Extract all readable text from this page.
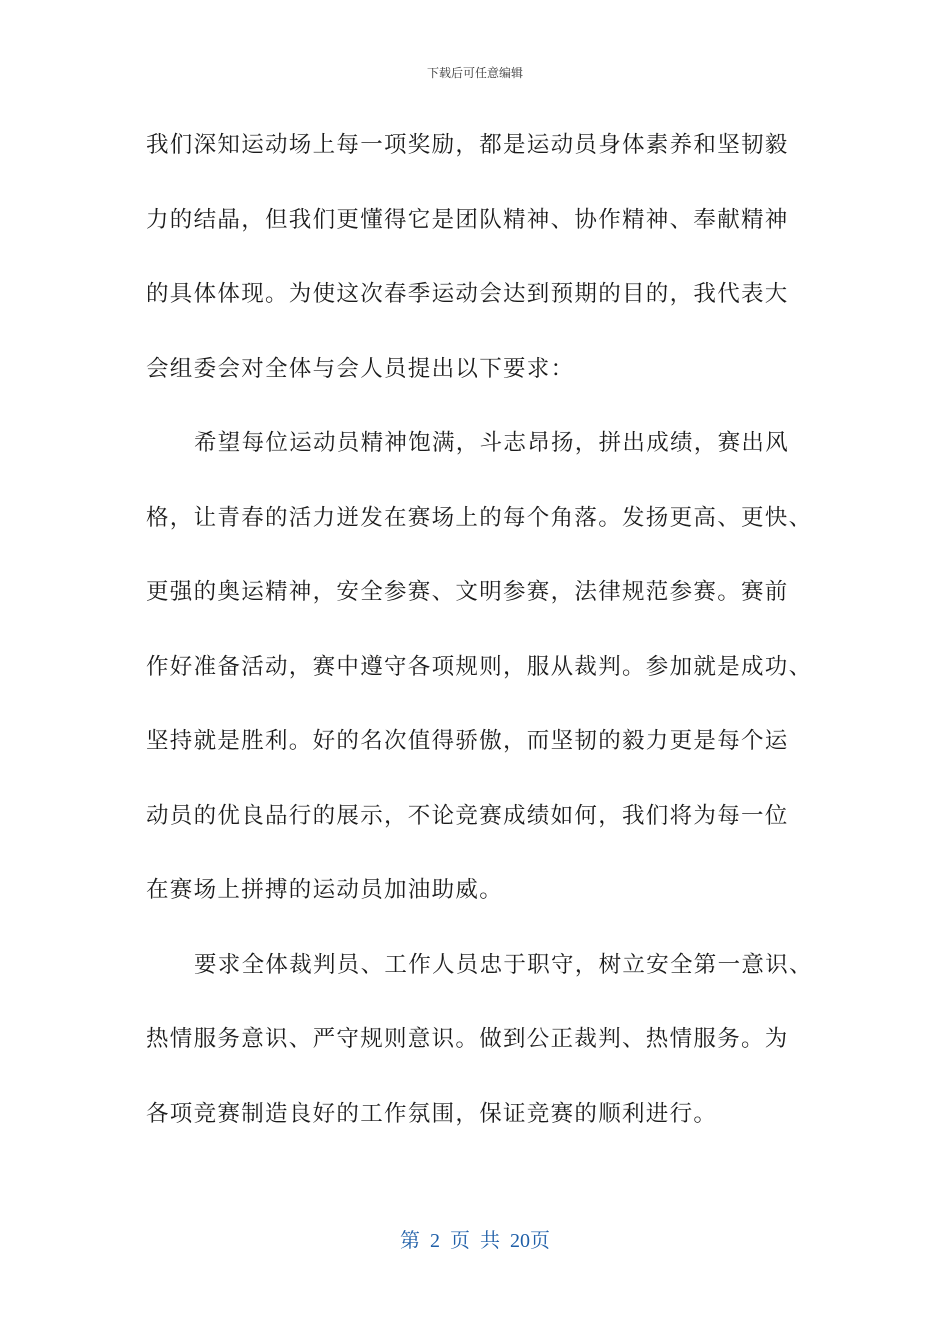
下载后可任意编辑
我们深知运动场上每一项奖励，都是运动员身体素养和坚韧毅
力的结晶，但我们更懂得它是团队精神、协作精神、奉献精神
的具体体现。为使这次春季运动会达到预期的目的，我代表大
会组委会对全体与会人员提出以下要求：
希望每位运动员精神饱满，斗志昂扬，拼出成绩，赛出风
格，让青春的活力迸发在赛场上的每个角落。发扬更高、更快、
更强的奥运精神，安全参赛、文明参赛，法律规范参赛。赛前
作好准备活动，赛中遵守各项规则，服从裁判。参加就是成功、
坚持就是胜利。好的名次值得骄傲，而坚韧的毅力更是每个运
动员的优良品行的展示，不论竞赛成绩如何，我们将为每一位
在赛场上拼搏的运动员加油助威。
要求全体裁判员、工作人员忠于职守，树立安全第一意识、
热情服务意识、严守规则意识。做到公正裁判、热情服务。为
各项竞赛制造良好的工作氛围，保证竞赛的顺利进行。
第 2 页 共 20页
